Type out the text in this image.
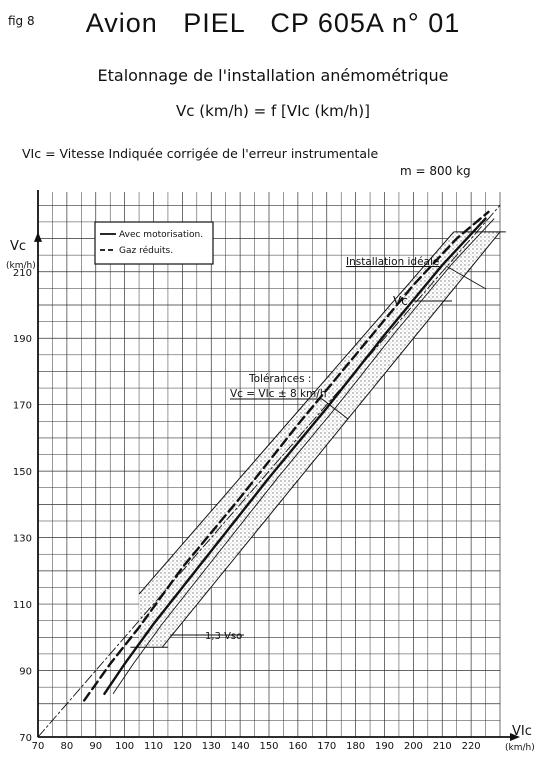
fig 8	Avion   PIEL   CP 605A n° 01
Etalonnage de l'installation anémométrique
Vc (km/h) = f [VIc (km/h)]
VIc = Vitesse Indiquée corrigée de l'erreur instrumentale
m = 800 kg
70 80 90 100 110 120 130 140 150 160 170 180 190 200 210 220
70
90
110
130
150
170
190
210
Vc
(km/h)
VIc
(km/h)
Avec motorisation.
Gaz réduits.
Installation idéale
Vc
Tolérances :
Vc = VIc ± 8 km/h
1,3 Vso
